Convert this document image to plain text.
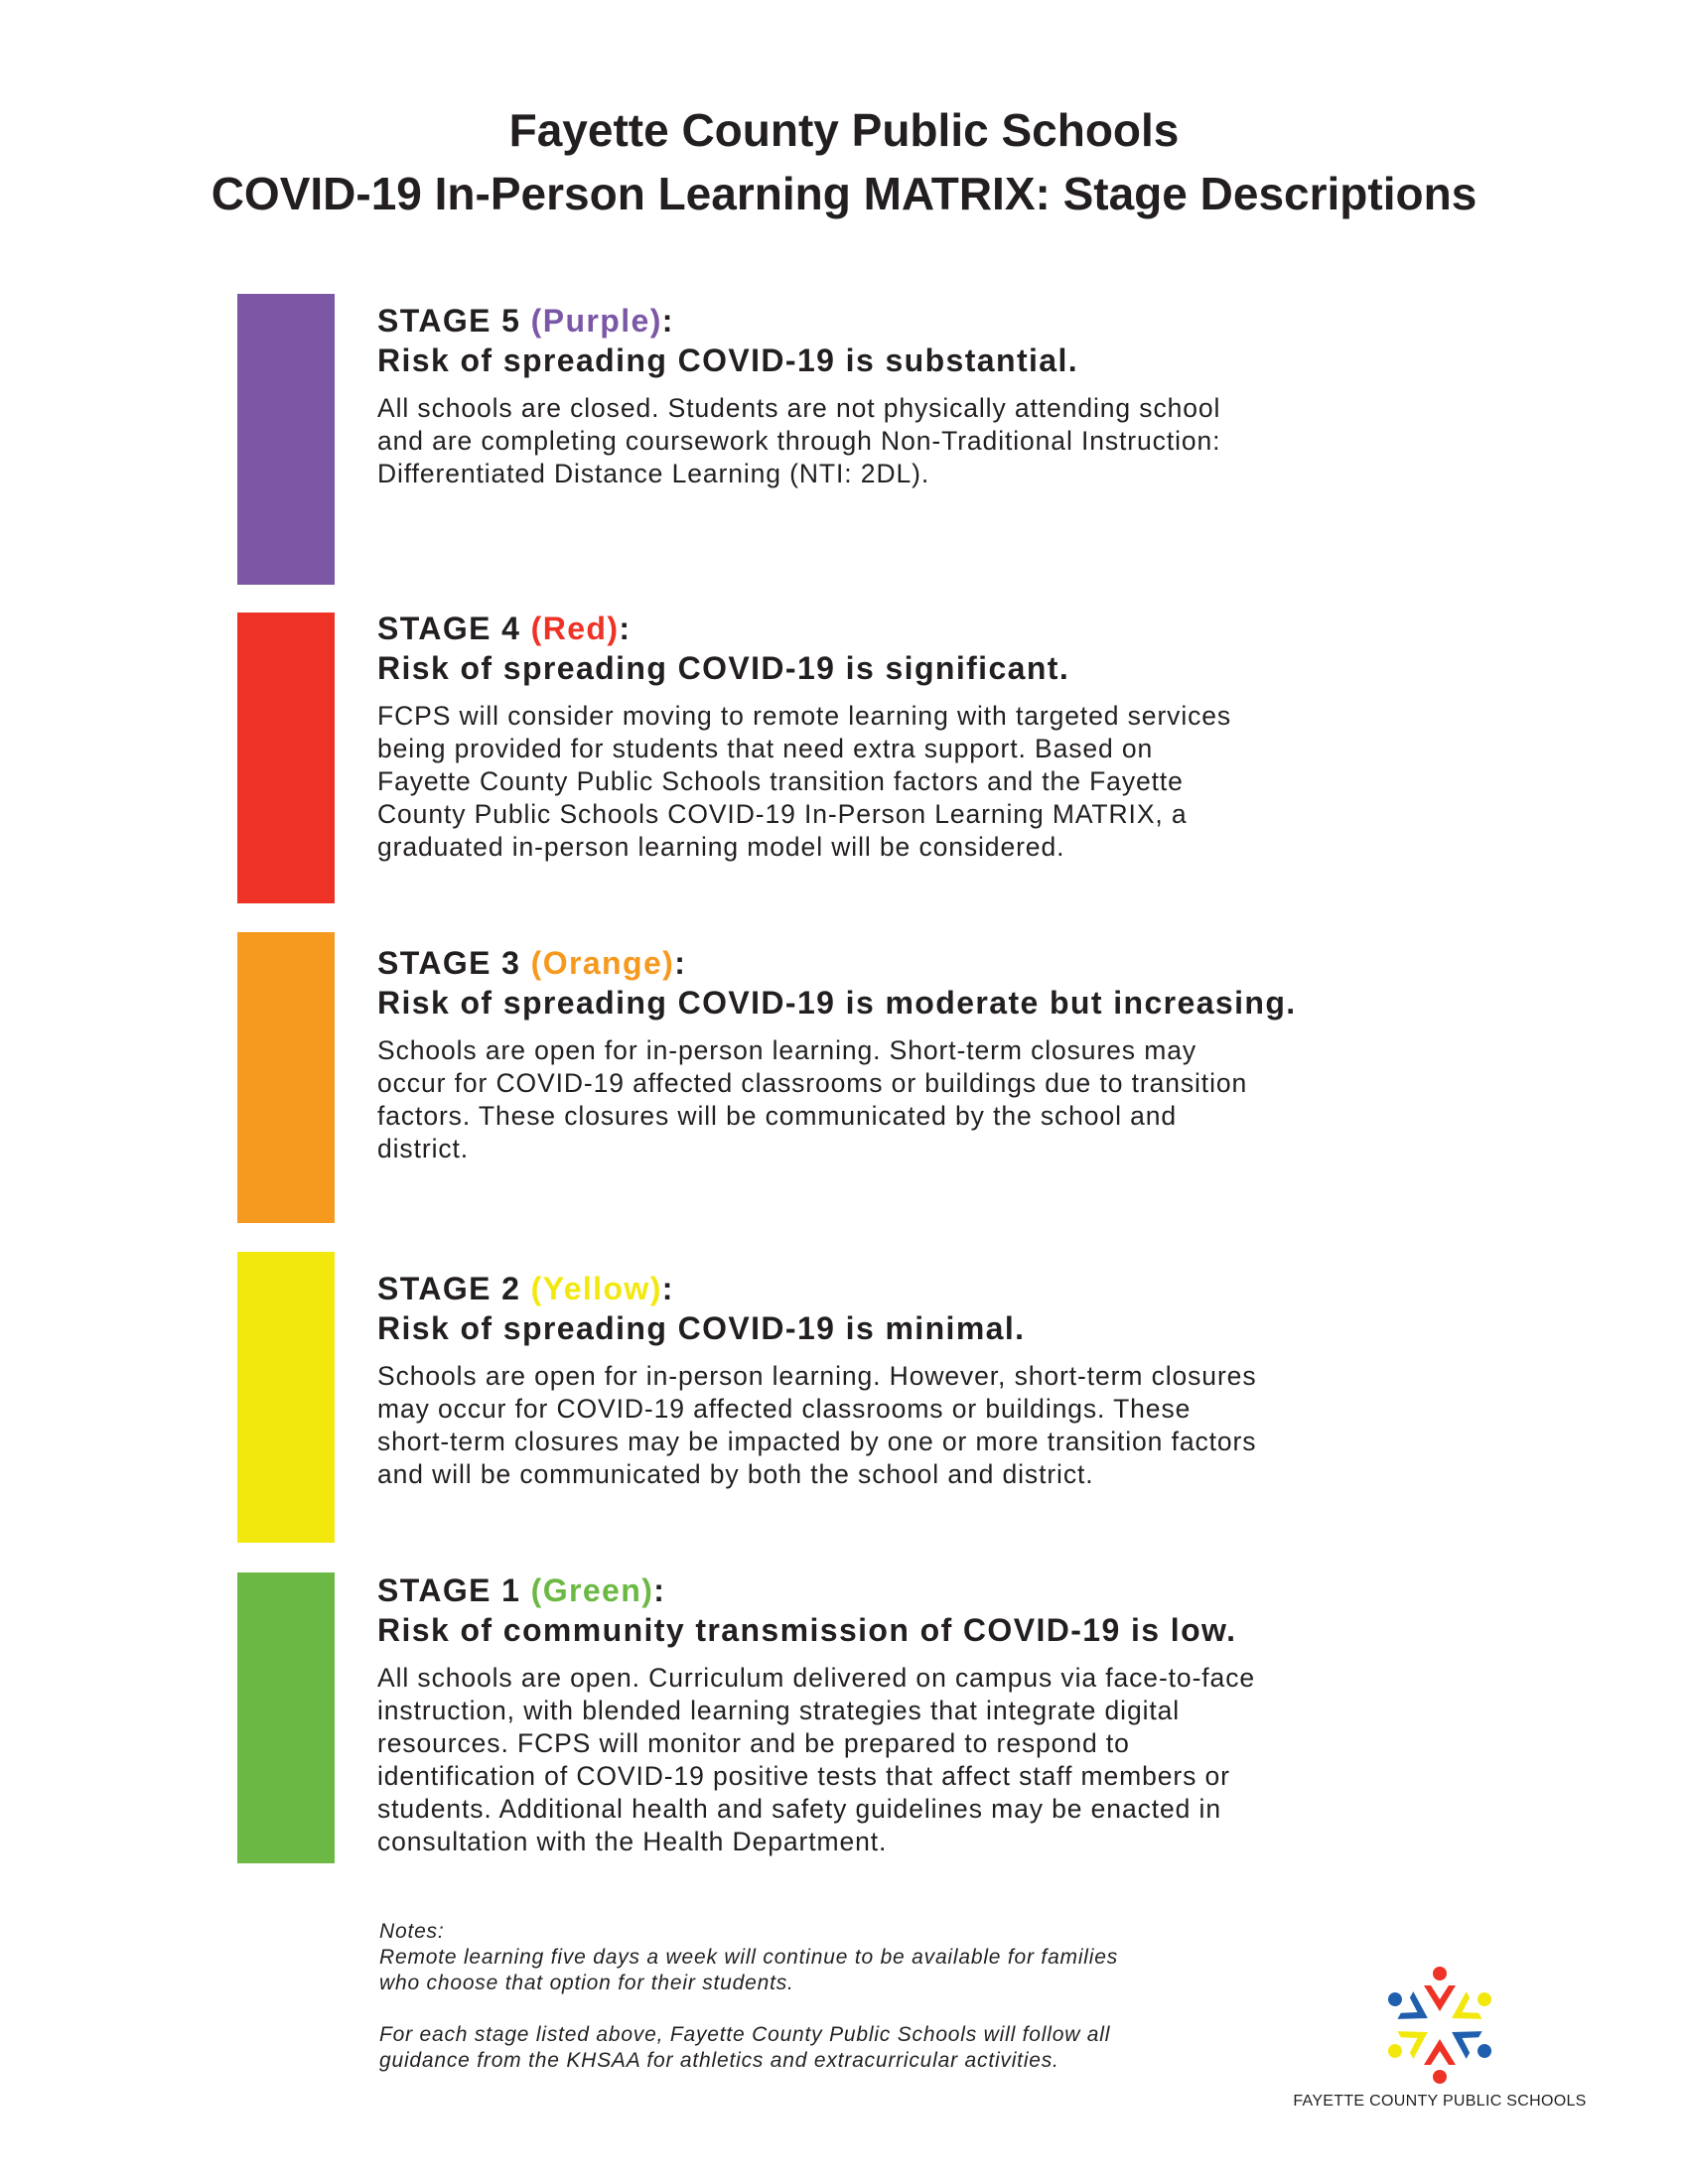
Fayette County Public Schools
COVID-19 In-Person Learning MATRIX: Stage Descriptions

STAGE 5 (Purple):

Risk of spreading COVID-19 is substantial.

All schools are closed. Students are not physically attending school
and are completing coursework through Non-Traditional Instruction:
Differentiated Distance Learning (NTI: 2DL).

STAGE 4 (Red):

Risk of spreading COVID-19 is significant.

FCPS will consider moving to remote learning with targeted services
being provided for students that need extra support. Based on
Fayette County Public Schools transition factors and the Fayette
County Public Schools COVID-19 In-Person Learning MATRIX, a
graduated in-person learning model will be considered.

STAGE 3 (Orange):

Risk of spreading COVID-19 is moderate but increasing.

Schools are open for in-person learning. Short-term closures may
occur for COVID-19 affected classrooms or buildings due to transition
factors. These closures will be communicated by the school and
district.

STAGE 2 (Yellow):

Risk of spreading COVID-19 is minimal.

Schools are open for in-person learning. However, short-term closures
may occur for COVID-19 affected classrooms or buildings. These
short-term closures may be impacted by one or more transition factors
and will be communicated by both the school and district.

STAGE 1 (Green):

Risk of community transmission of COVID-19 is low.

All schools are open. Curriculum delivered on campus via face-to-face
instruction, with blended learning strategies that integrate digital
resources. FCPS will monitor and be prepared to respond to
identification of COVID-19 positive tests that affect staff members or
students. Additional health and safety guidelines may be enacted in
consultation with the Health Department.

Notes:

Remote learning five days a week will continue to be available for families
who choose that option for their students.

For each stage listed above, Fayette County Public Schools will follow all
guidance from the KHSAA for athletics and extracurricular activities.

FAYETTE COUNTY PUBLIC SCHOOLS
